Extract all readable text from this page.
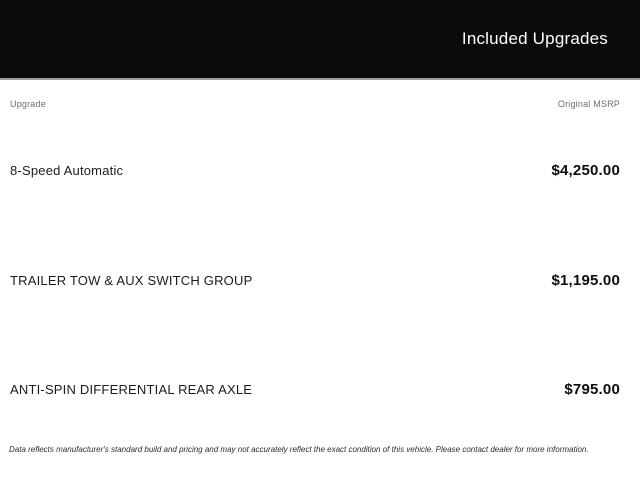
Included Upgrades
Upgrade	Original MSRP
8-Speed Automatic	$4,250.00
TRAILER TOW & AUX SWITCH GROUP	$1,195.00
ANTI-SPIN DIFFERENTIAL REAR AXLE	$795.00

Data reflects manufacturer's standard build and pricing and may not accurately reflect the exact condition of this vehicle. Please contact dealer for more information.
